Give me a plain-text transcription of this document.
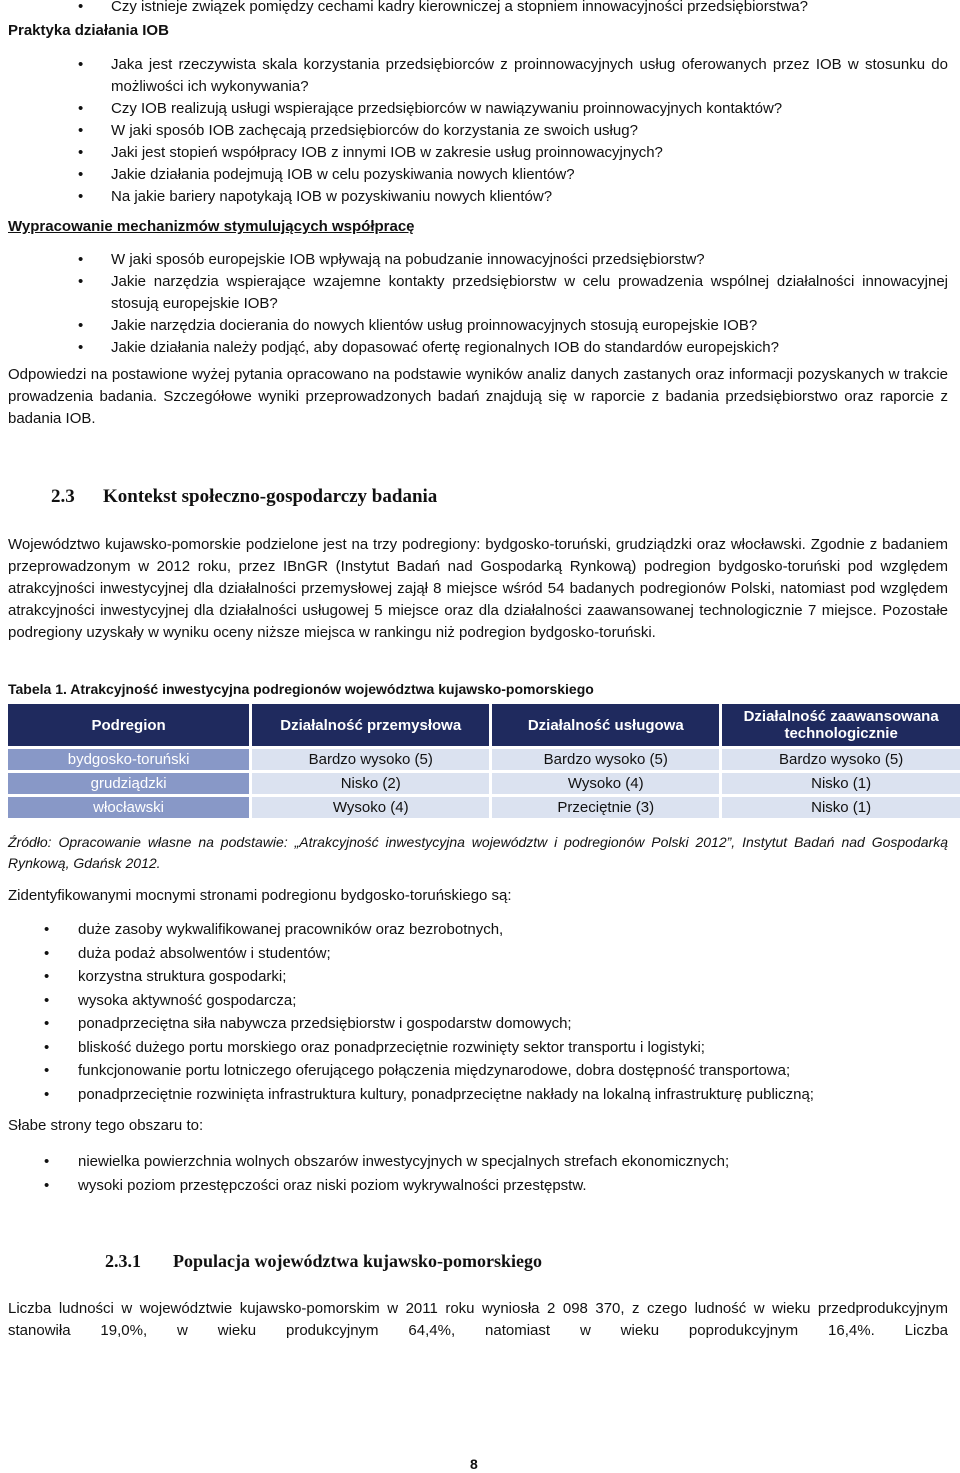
• Czy istnieje związek pomiędzy cechami kadry kierowniczej a stopniem innowacyjności przedsiębiorstwa?
Praktyka działania IOB
• Jaka jest rzeczywista skala korzystania przedsiębiorców z proinnowacyjnych usług oferowanych przez IOB w stosunku do możliwości ich wykonywania?
• Czy IOB realizują usługi wspierające przedsiębiorców w nawiązywaniu proinnowacyjnych kontaktów?
• W jaki sposób IOB zachęcają przedsiębiorców do korzystania ze swoich usług?
• Jaki jest stopień współpracy IOB z innymi IOB w zakresie usług proinnowacyjnych?
• Jakie działania podejmują IOB w celu pozyskiwania nowych klientów?
• Na jakie bariery napotykają IOB w pozyskiwaniu nowych klientów?
Wypracowanie mechanizmów stymulujących współpracę
• W jaki sposób europejskie IOB wpływają na pobudzanie innowacyjności przedsiębiorstw?
• Jakie narzędzia wspierające wzajemne kontakty przedsiębiorstw w celu prowadzenia wspólnej działalności innowacyjnej stosują europejskie IOB?
• Jakie narzędzia docierania do nowych klientów usług proinnowacyjnych stosują europejskie IOB?
• Jakie działania należy podjąć, aby dopasować ofertę regionalnych IOB do standardów europejskich?

Odpowiedzi na postawione wyżej pytania opracowano na podstawie wyników analiz danych zastanych oraz informacji pozyskanych w trakcie prowadzenia badania. Szczegółowe wyniki przeprowadzonych badań znajdują się w raporcie z badania przedsiębiorstwo oraz raporcie z badania IOB.

2.3 Kontekst społeczno-gospodarczy badania

Województwo kujawsko-pomorskie podzielone jest na trzy podregiony: bydgosko-toruński, grudziądzki oraz włocławski. Zgodnie z badaniem przeprowadzonym w 2012 roku, przez IBnGR (Instytut Badań nad Gospodarką Rynkową) podregion bydgosko-toruński pod względem atrakcyjności inwestycyjnej dla działalności przemysłowej zajął 8 miejsce wśród 54 badanych podregionów Polski, natomiast pod względem atrakcyjności inwestycyjnej dla działalności usługowej 5 miejsce oraz dla działalności zaawansowanej technologicznie 7 miejsce. Pozostałe podregiony uzyskały w wyniku oceny niższe miejsca w rankingu niż podregion bydgosko-toruński.

Tabela 1. Atrakcyjność inwestycyjna podregionów województwa kujawsko-pomorskiego
Podregion	Działalność przemysłowa	Działalność usługowa	Działalność zaawansowana technologicznie
bydgosko-toruński	Bardzo wysoko (5)	Bardzo wysoko (5)	Bardzo wysoko (5)
grudziądzki	Nisko (2)	Wysoko (4)	Nisko (1)
włocławski	Wysoko (4)	Przeciętnie (3)	Nisko (1)

Źródło: Opracowanie własne na podstawie: „Atrakcyjność inwestycyjna województw i podregionów Polski 2012”, Instytut Badań nad Gospodarką Rynkową, Gdańsk 2012.

Zidentyfikowanymi mocnymi stronami podregionu bydgosko-toruńskiego są:

• duże zasoby wykwalifikowanej pracowników oraz bezrobotnych,
• duża podaż absolwentów i studentów;
• korzystna struktura gospodarki;
• wysoka aktywność gospodarcza;
• ponadprzeciętna siła nabywcza przedsiębiorstw i gospodarstw domowych;
• bliskość dużego portu morskiego oraz ponadprzeciętnie rozwinięty sektor transportu i logistyki;
• funkcjonowanie portu lotniczego oferującego połączenia międzynarodowe, dobra dostępność transportowa;
• ponadprzeciętnie rozwinięta infrastruktura kultury, ponadprzeciętne nakłady na lokalną infrastrukturę publiczną;

Słabe strony tego obszaru to:

• niewielka powierzchnia wolnych obszarów inwestycyjnych w specjalnych strefach ekonomicznych;
• wysoki poziom przestępczości oraz niski poziom wykrywalności przestępstw.
2.3.1 Populacja województwa kujawsko-pomorskiego

Liczba ludności w województwie kujawsko-pomorskim w 2011 roku wyniosła 2 098 370, z czego ludność w wieku przedprodukcyjnym stanowiła 19,0%, w wieku produkcyjnym 64,4%, natomiast w wieku poprodukcyjnym 16,4%. Liczba

8
